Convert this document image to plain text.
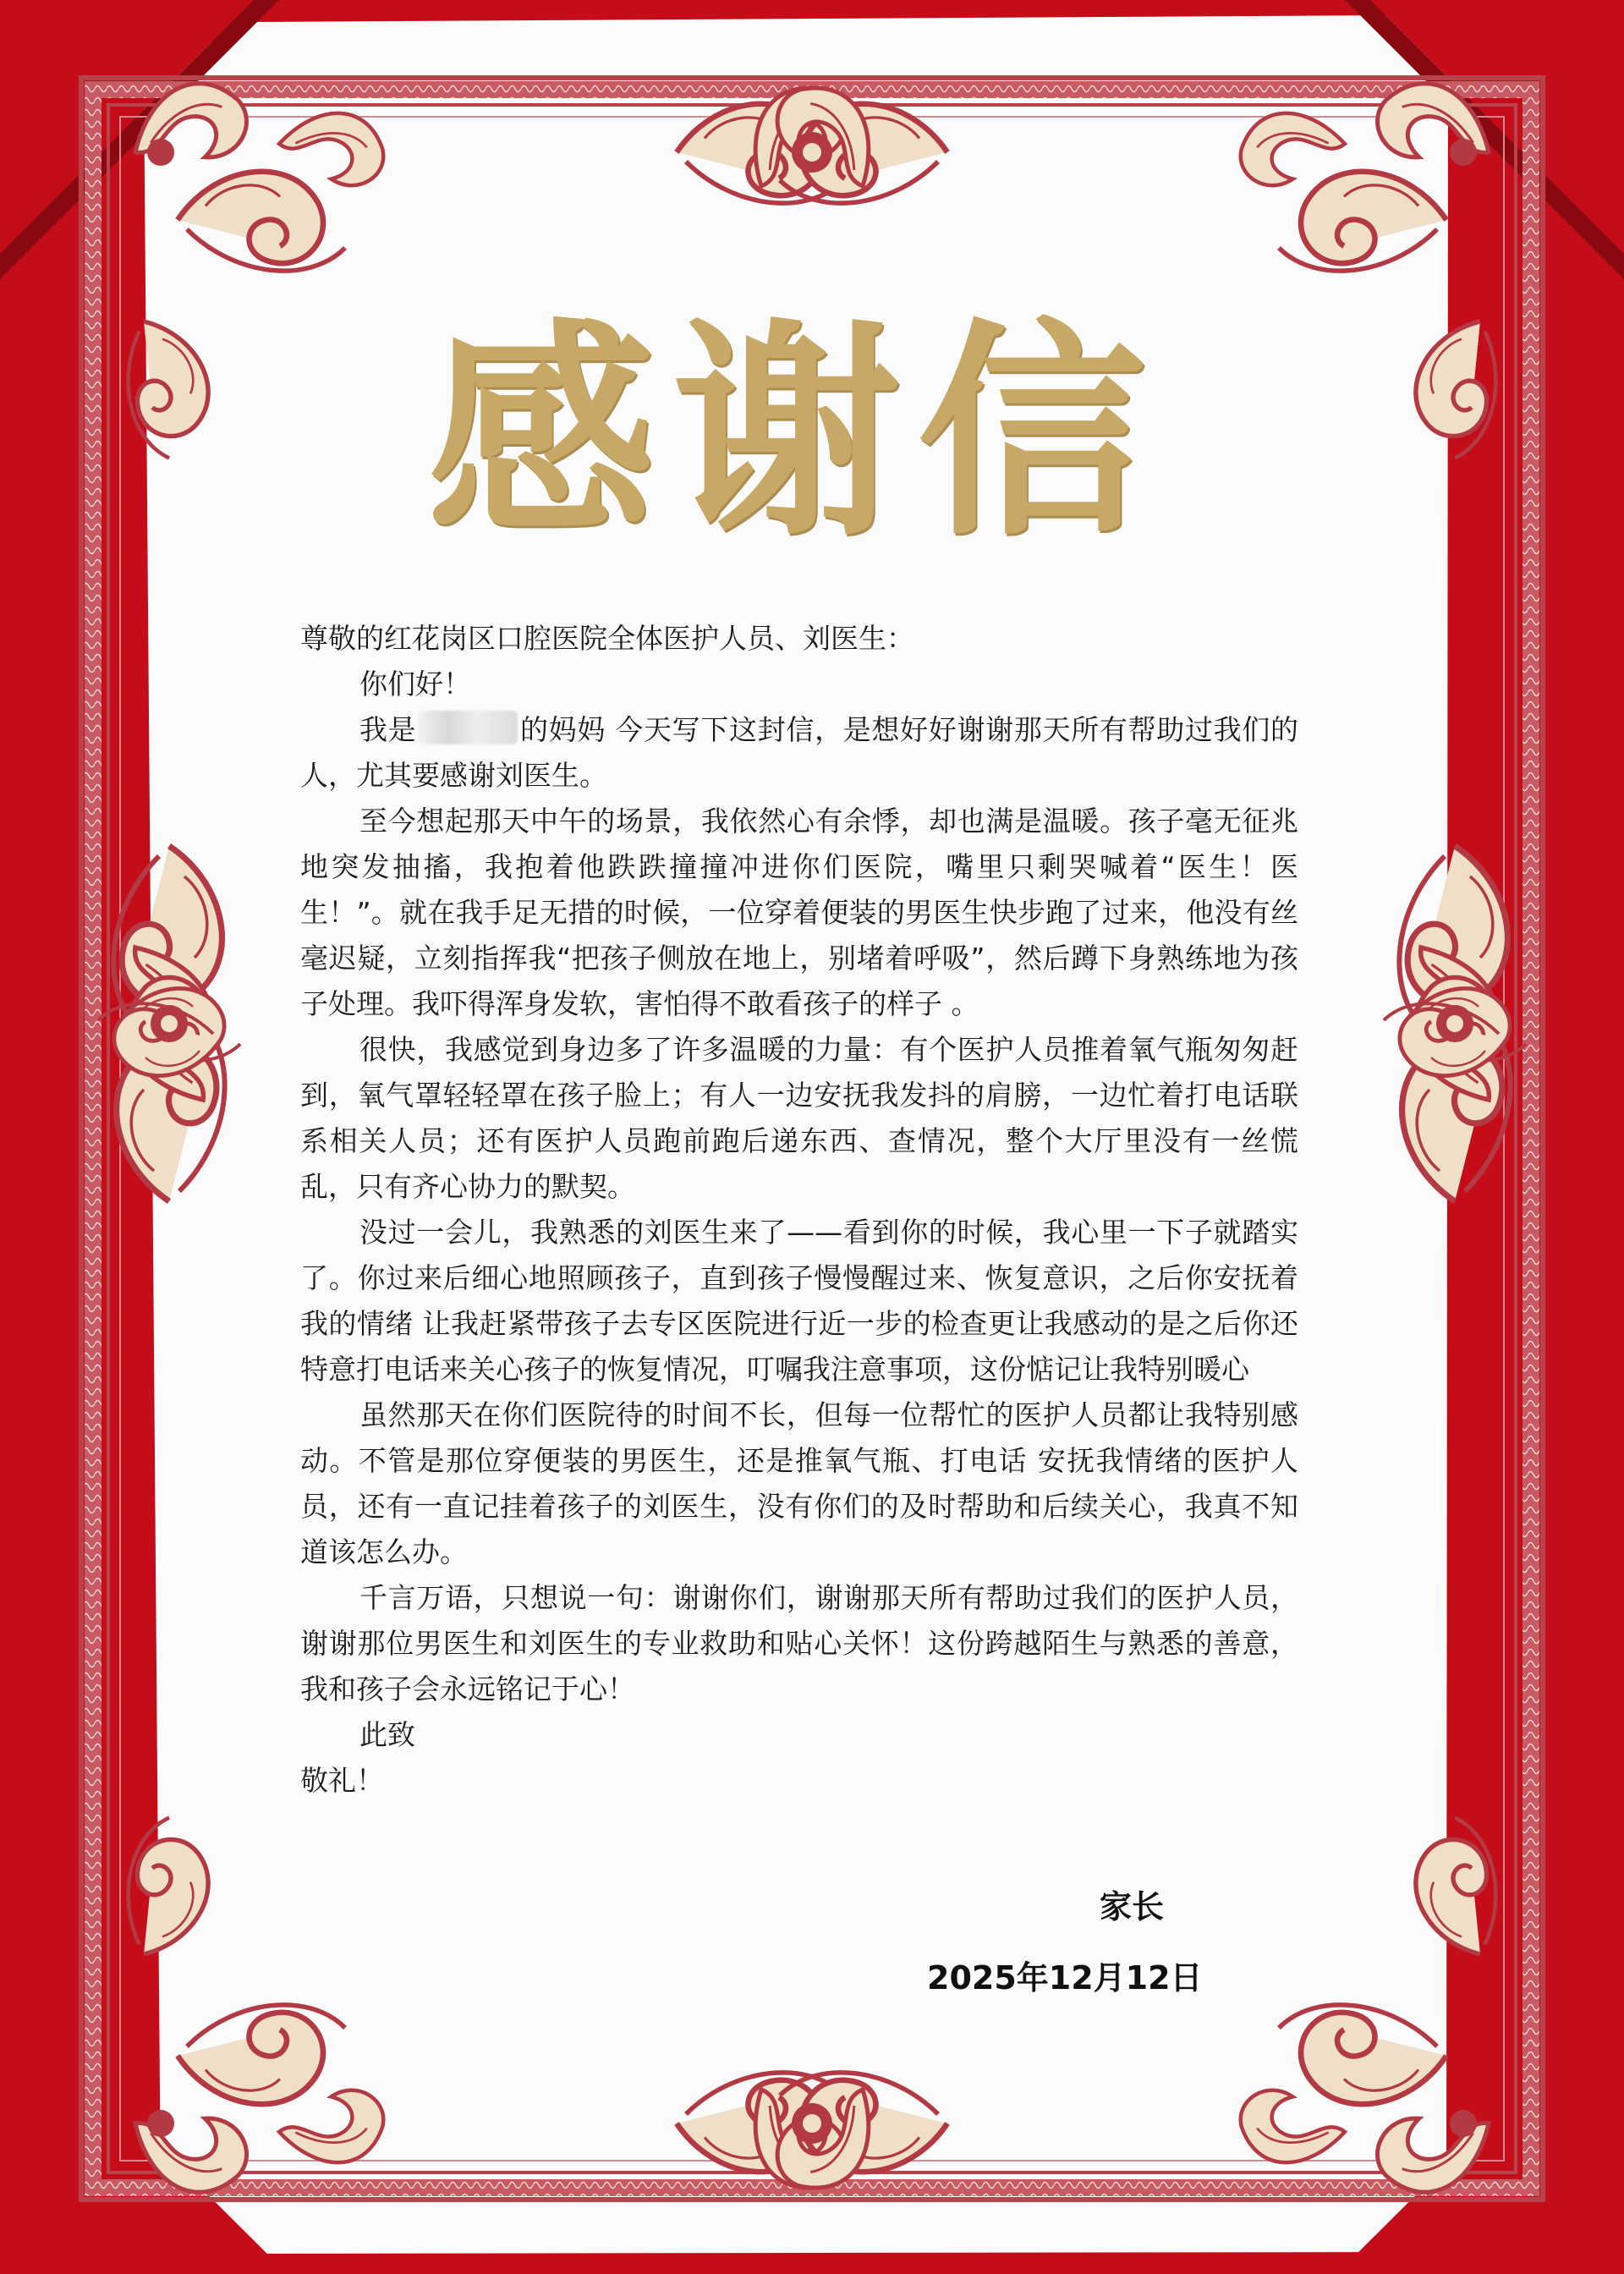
感谢信

尊敬的红花岗区口腔医院全体医护人员、刘医生：

你们好！

我是	的妈妈 今天写下这封信，是想好好谢谢那天所有帮助过我们的人，尤其要感谢刘医生。

至今想起那天中午的场景，我依然心有余悸，却也满是温暖。孩子毫无征兆地突发抽搐，我抱着他跌跌撞撞冲进你们医院，嘴里只剩哭喊着“医生！医生！”。就在我手足无措的时候，一位穿着便装的男医生快步跑了过来，他没有丝毫迟疑，立刻指挥我“把孩子侧放在地上，别堵着呼吸”，然后蹲下身熟练地为孩子处理。我吓得浑身发软，害怕得不敢看孩子的样子 。

很快，我感觉到身边多了许多温暖的力量：有个医护人员推着氧气瓶匆匆赶到，氧气罩轻轻罩在孩子脸上；有人一边安抚我发抖的肩膀，一边忙着打电话联系相关人员；还有医护人员跑前跑后递东西、查情况，整个大厅里没有一丝慌乱，只有齐心协力的默契。

没过一会儿，我熟悉的刘医生来了——看到你的时候，我心里一下子就踏实了。你过来后细心地照顾孩子，直到孩子慢慢醒过来、恢复意识，之后你安抚着我的情绪 让我赶紧带孩子去专区医院进行近一步的检查更让我感动的是之后你还特意打电话来关心孩子的恢复情况，叮嘱我注意事项，这份惦记让我特别暖心

虽然那天在你们医院待的时间不长，但每一位帮忙的医护人员都让我特别感动。不管是那位穿便装的男医生，还是推氧气瓶、打电话 安抚我情绪的医护人员，还有一直记挂着孩子的刘医生，没有你们的及时帮助和后续关心，我真不知道该怎么办。

千言万语，只想说一句：谢谢你们，谢谢那天所有帮助过我们的医护人员，谢谢那位男医生和刘医生的专业救助和贴心关怀！这份跨越陌生与熟悉的善意，我和孩子会永远铭记于心！

此致

敬礼！

家长

2025年12月12日
